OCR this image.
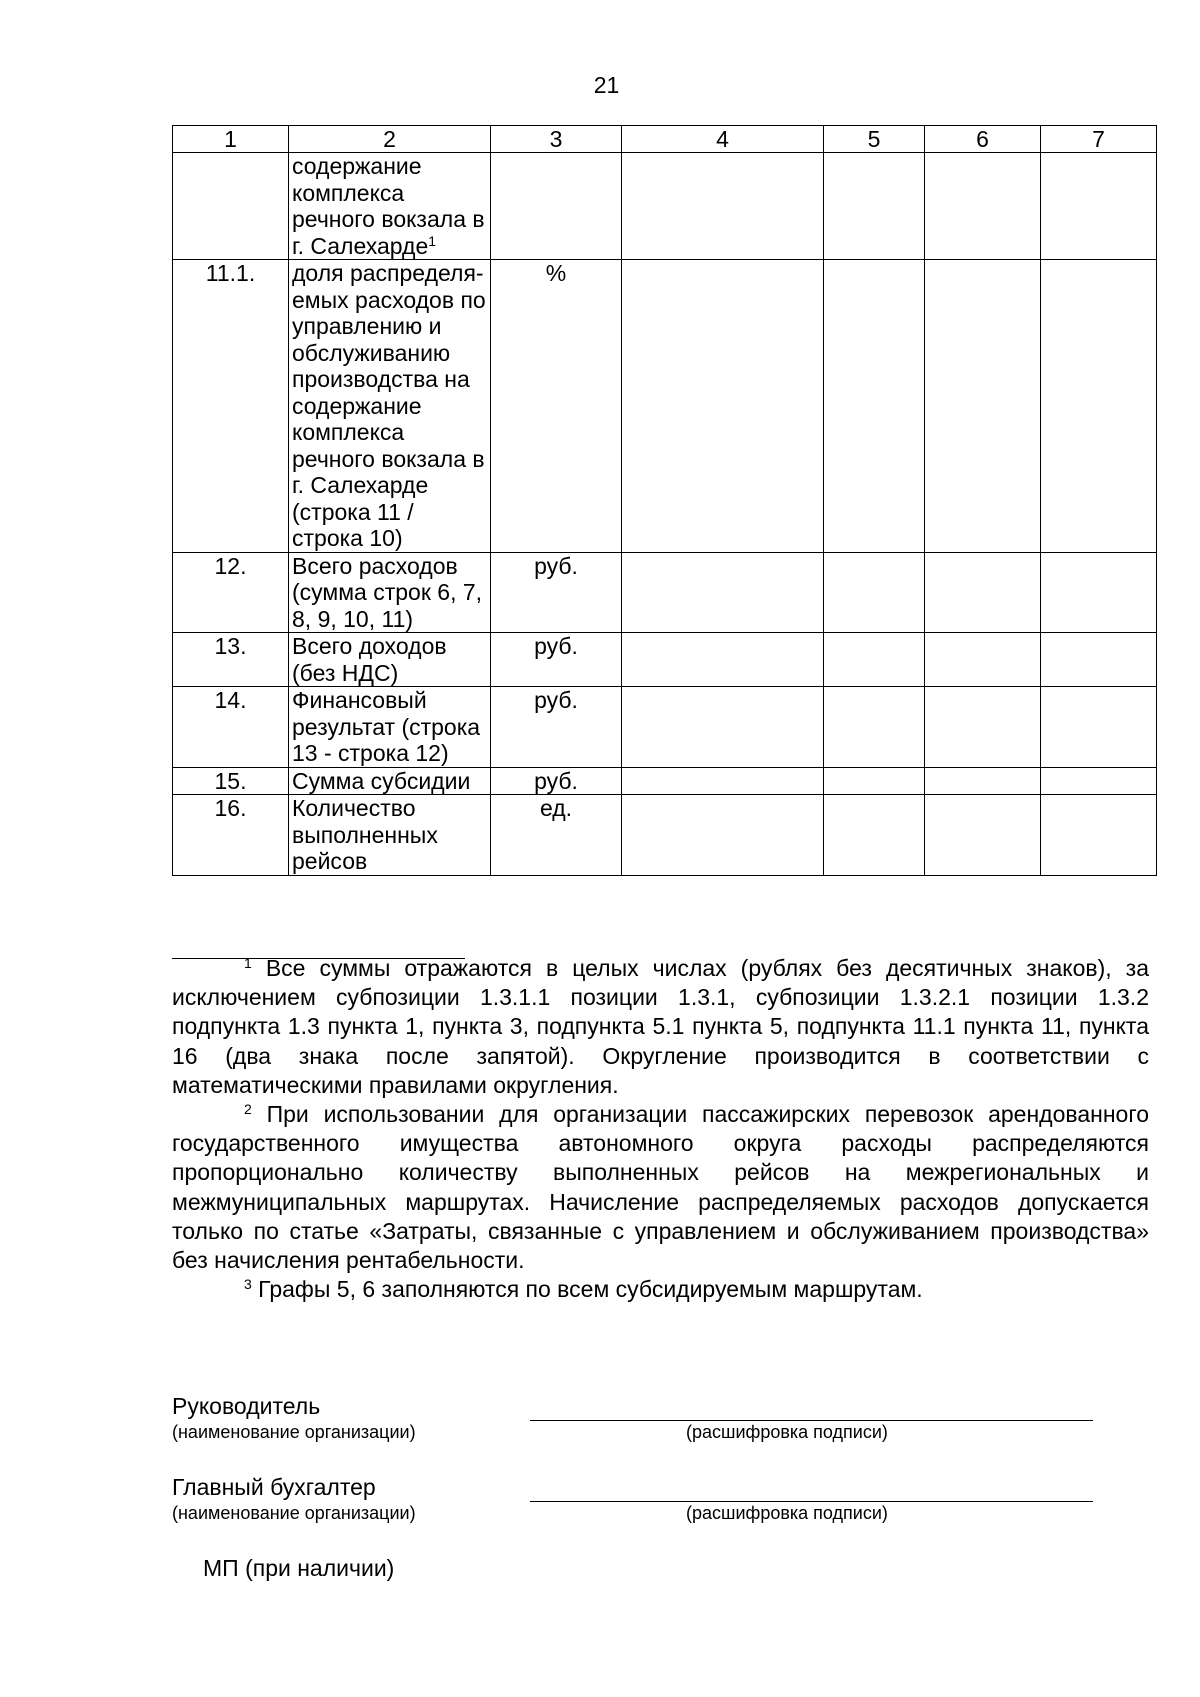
21
1	2	3	4	5	6	7
	содержание комплекса речного вокзала в г. Салехарде$^1$					
11.1.	доля распределя-емых расходов по управлению и обслуживанию производства на содержание комплекса речного вокзала в г. Салехарде (строка 11 / строка 10)	%				
12.	Всего расходов (сумма строк 6, 7, 8, 9, 10, 11)	руб.				
13.	Всего доходов (без НДС)	руб.				
14.	Финансовый результат (строка 13 - строка 12)	руб.				
15.	Сумма субсидии	руб.				
16.	Количество выполненных рейсов	ед.				

$^1$ Все суммы отражаются в целых числах (рублях без десятичных знаков), за исключением субпозиции 1.3.1.1 позиции 1.3.1, субпозиции 1.3.2.1 позиции 1.3.2 подпункта 1.3 пункта 1, пункта 3, подпункта 5.1 пункта 5, подпункта 11.1 пункта 11, пункта 16 (два знака после запятой). Округление производится в соответствии с математическими правилами округления.

$^2$ При использовании для организации пассажирских перевозок арендованного государственного имущества автономного округа расходы распределяются пропорционально количеству выполненных рейсов на межрегиональных и межмуниципальных маршрутах. Начисление распределяемых расходов допускается только по статье «Затраты, связанные с управлением и обслуживанием производства» без начисления рентабельности.

$^3$ Графы 5, 6 заполняются по всем субсидируемым маршрутам.

Руководитель
(наименование организации)	(расшифровка подписи)
Главный бухгалтер
(наименование организации)	(расшифровка подписи)
МП (при наличии)
